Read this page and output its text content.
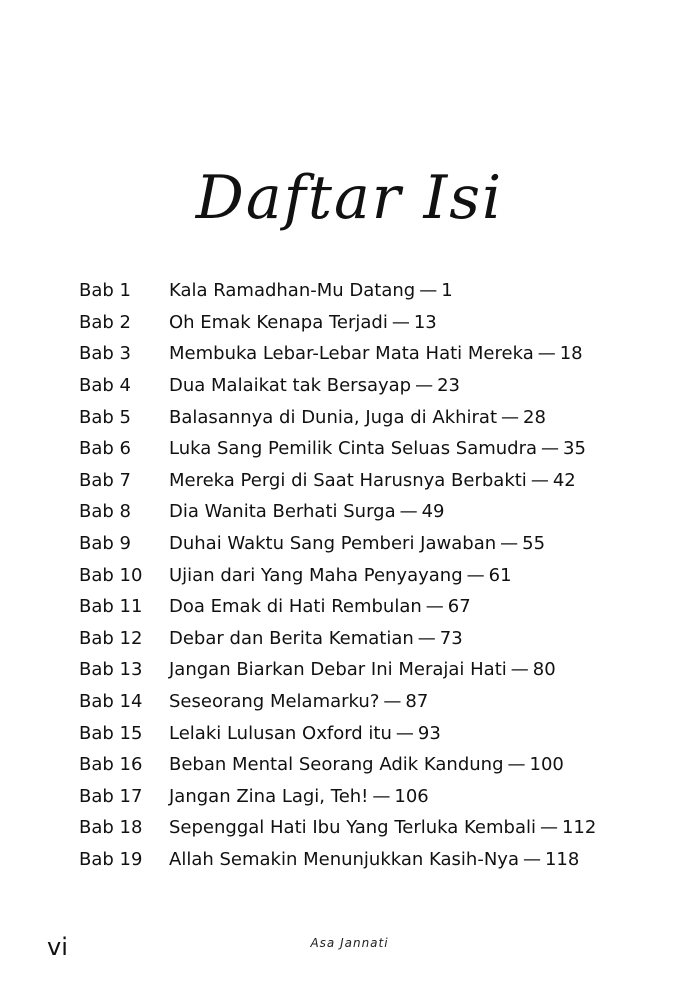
Daftar Isi
Bab 1	Kala Ramadhan-Mu Datang — 1
Bab 2	Oh Emak Kenapa Terjadi — 13
Bab 3	Membuka Lebar-Lebar Mata Hati Mereka — 18
Bab 4	Dua Malaikat tak Bersayap — 23
Bab 5	Balasannya di Dunia, Juga di Akhirat — 28
Bab 6	Luka Sang Pemilik Cinta Seluas Samudra — 35
Bab 7	Mereka Pergi di Saat Harusnya Berbakti — 42
Bab 8	Dia Wanita Berhati Surga — 49
Bab 9	Duhai Waktu Sang Pemberi Jawaban — 55
Bab 10	Ujian dari Yang Maha Penyayang — 61
Bab 11	Doa Emak di Hati Rembulan — 67
Bab 12	Debar dan Berita Kematian — 73
Bab 13	Jangan Biarkan Debar Ini Merajai Hati — 80
Bab 14	Seseorang Melamarku? — 87
Bab 15	Lelaki Lulusan Oxford itu — 93
Bab 16	Beban Mental Seorang Adik Kandung — 100
Bab 17	Jangan Zina Lagi, Teh! — 106
Bab 18	Sepenggal Hati Ibu Yang Terluka Kembali — 112
Bab 19	Allah Semakin Menunjukkan Kasih-Nya — 118
vi	Asa Jannati
